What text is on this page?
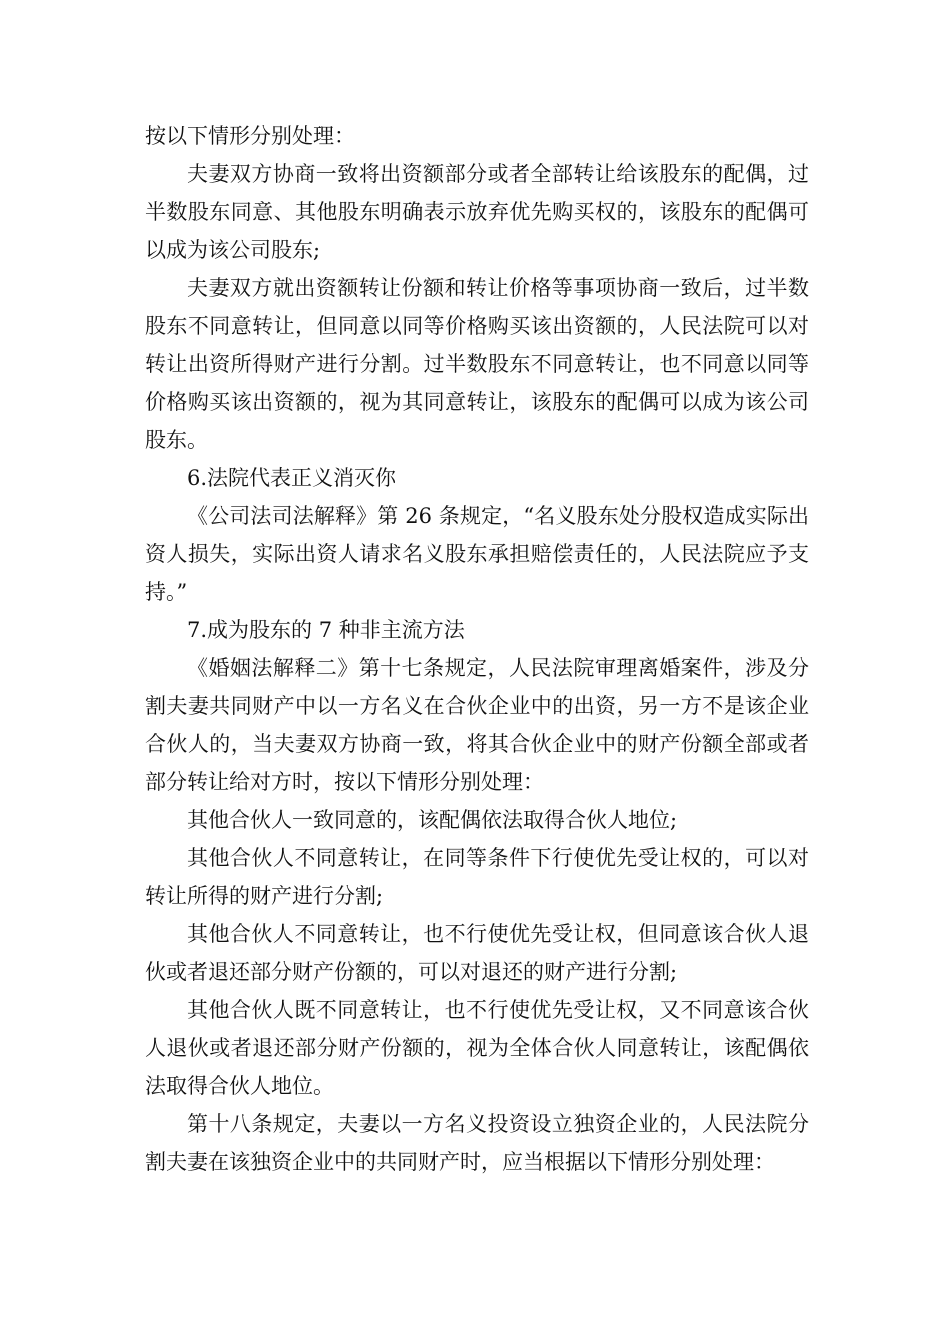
按以下情形分别处理：

夫妻双方协商一致将出资额部分或者全部转让给该股东的配偶，过半数股东同意、其他股东明确表示放弃优先购买权的，该股东的配偶可以成为该公司股东;

夫妻双方就出资额转让份额和转让价格等事项协商一致后，过半数股东不同意转让，但同意以同等价格购买该出资额的，人民法院可以对转让出资所得财产进行分割。过半数股东不同意转让，也不同意以同等价格购买该出资额的，视为其同意转让，该股东的配偶可以成为该公司股东。

6.法院代表正义消灭你

《公司法司法解释》第 26 条规定，“名义股东处分股权造成实际出资人损失，实际出资人请求名义股东承担赔偿责任的，人民法院应予支持。”

7.成为股东的 7 种非主流方法

《婚姻法解释二》第十七条规定，人民法院审理离婚案件，涉及分割夫妻共同财产中以一方名义在合伙企业中的出资，另一方不是该企业合伙人的，当夫妻双方协商一致，将其合伙企业中的财产份额全部或者部分转让给对方时，按以下情形分别处理：

其他合伙人一致同意的，该配偶依法取得合伙人地位;

其他合伙人不同意转让，在同等条件下行使优先受让权的，可以对转让所得的财产进行分割;

其他合伙人不同意转让，也不行使优先受让权，但同意该合伙人退伙或者退还部分财产份额的，可以对退还的财产进行分割;

其他合伙人既不同意转让，也不行使优先受让权，又不同意该合伙人退伙或者退还部分财产份额的，视为全体合伙人同意转让，该配偶依法取得合伙人地位。

第十八条规定，夫妻以一方名义投资设立独资企业的，人民法院分割夫妻在该独资企业中的共同财产时，应当根据以下情形分别处理：
